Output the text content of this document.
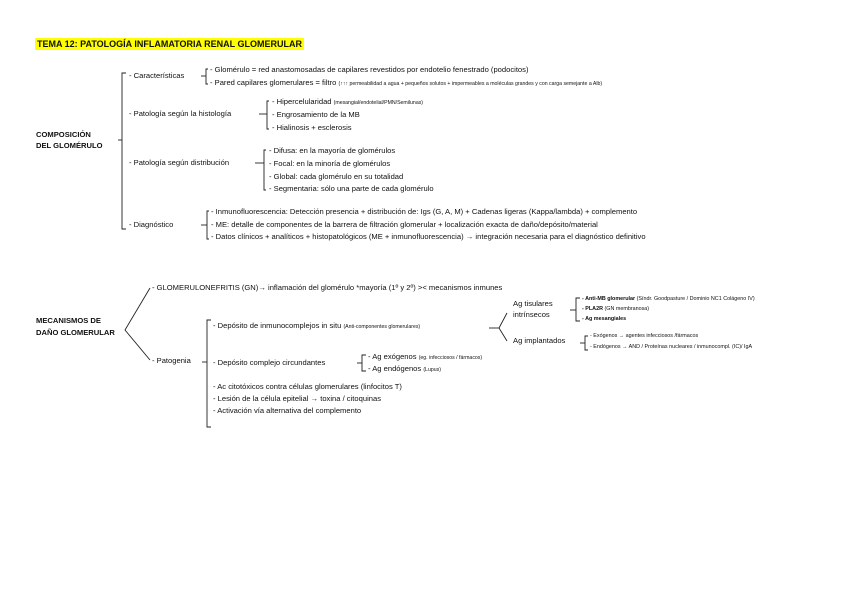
TEMA 12: PATOLOGÍA INFLAMATORIA RENAL GLOMERULAR
COMPOSICIÓN
DEL GLOMÉRULO
- Características
- Glomérulo = red anastomosadas de capilares revestidos por endotelio fenestrado (podocitos)
- Pared capilares glomerulares = filtro (↑↑↑ permeabilidad a agua + pequeños solutos + impermeables a moléculas grandes y con carga semejante a Alb)
- Patología según la histología
- Hipercelularidad (mesangial/endotelial/PMN/Semilunas)
- Engrosamiento de la MB
- Hialinosis + esclerosis
- Patología según distribución
- Difusa: en la mayoría de glomérulos
- Focal: en la minoría de glomérulos
- Global: cada glomérulo en su totalidad
- Segmentaria: sólo una parte de cada glomérulo
- Diagnóstico
- Inmunofluorescencia: Detección presencia + distribución de: Igs (G, A, M) + Cadenas ligeras (Kappa/lambda) + complemento
- ME: detalle de componentes de la barrera de filtración glomerular + localización exacta de daño/depósito/material
- Datos clínicos + analíticos + histopatológicos (ME + inmunofluorescencia) → integración necesaria para el diagnóstico definitivo
MECANISMOS DE
DAÑO GLOMERULAR
- GLOMERULONEFRITIS (GN)→ inflamación del glomérulo *mayoría (1º y 2º) >< mecanismos inmunes
- Patogenia
- Depósito de inmunocomplejos in situ (Anti-componentes glomerulares)
Ag tisulares
intrínsecos
- Anti-MB glomerular (Síndr. Goodpasture / Dominio NC1 Colágeno IV)
- PLA2R (GN membranosa)
- Ag mesangiales
Ag implantados	- Exógenos → agentes infecciosos /fármacos
- Endógenos → AND / Proteínas nucleares / inmunocompl. (IC)/ IgA
- Depósito complejo circundantes
- Ag exógenos (eg. infecciosos / fármacos)
- Ag endógenos (Lupus)
- Ac citotóxicos contra células glomerulares (linfocitos T)
- Lesión de la célula epitelial → toxina / citoquinas
- Activación vía alternativa del complemento
